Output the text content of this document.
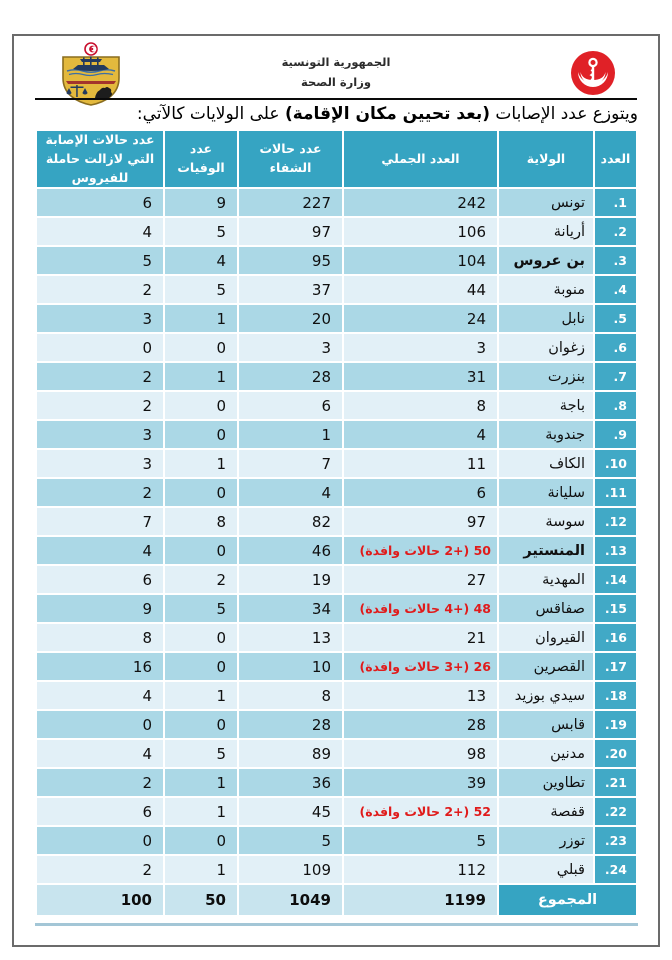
الجمهورية التونسية
وزارة الصحة
ويتوزع عدد الإصابات (بعد تحيين مكان الإقامة) على الولايات كالآتي:
العدد	الولاية	العدد الجملي	عدد حالات الشفاء	عدد الوفيات	عدد حالات الإصابة التي لازالت حاملة للفيروس
1.	تونس	242	227	9	6
2.	أريانة	106	97	5	4
3.	بن عروس	104	95	4	5
4.	منوبة	44	37	5	2
5.	نابل	24	20	1	3
6.	زغوان	3	3	0	0
7.	بنزرت	31	28	1	2
8.	باجة	8	6	0	2
9.	جندوبة	4	1	0	3
10.	الكاف	11	7	1	3
11.	سليانة	6	4	0	2
12.	سوسة	97	82	8	7
13.	المنستير	50 (+2 حالات وافدة)	46	0	4
14.	المهدية	27	19	2	6
15.	صفاقس	48 (+4 حالات وافدة)	34	5	9
16.	القيروان	21	13	0	8
17.	القصرين	26 (+3 حالات وافدة)	10	0	16
18.	سيدي بوزيد	13	8	1	4
19.	قابس	28	28	0	0
20.	مدنين	98	89	5	4
21.	تطاوين	39	36	1	2
22.	قفصة	52 (+2 حالات وافدة)	45	1	6
23.	توزر	5	5	0	0
24.	قبلي	112	109	1	2
المجموع		1199	1049	50	100
